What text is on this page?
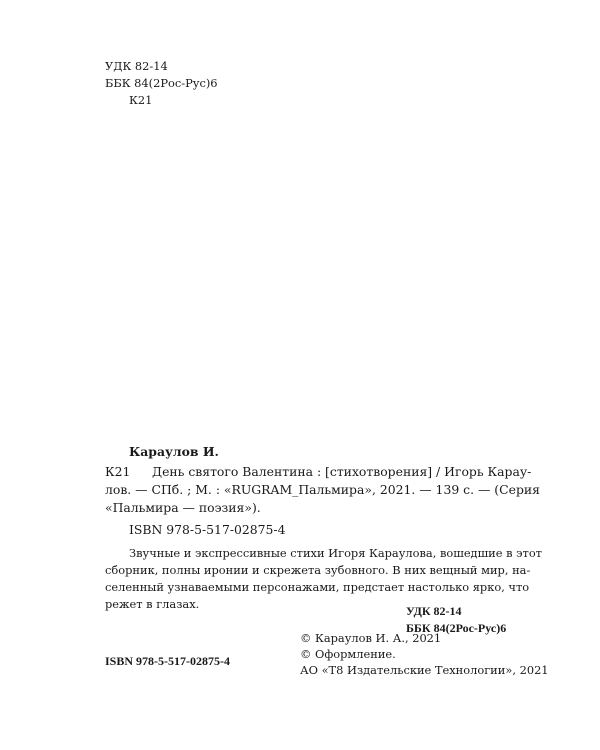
УДК 82-14
ББК 84(2Рос-Рус)6
К21
Караулов И.
К21 День святого Валентина : [стихотворения] / Игорь Карау-
лов. — СПб. ; М. : «RUGRAM_Пальмира», 2021. — 139 с. — (Серия
«Пальмира — поэзия»).
ISBN 978-5-517-02875-4
Звучные и экспрессивные стихи Игоря Караулова, вошедшие в этот
сборник, полны иронии и скрежета зубовного. В них вещный мир, на-
селенный узнаваемыми персонажами, предстает настолько ярко, что
режет в глазах.	УДК 82-14
ББК 84(2Рос-Рус)6
ISBN 978-5-517-02875-4
© Караулов И. А., 2021
© Оформление.
АО «Т8 Издательские Технологии», 2021
